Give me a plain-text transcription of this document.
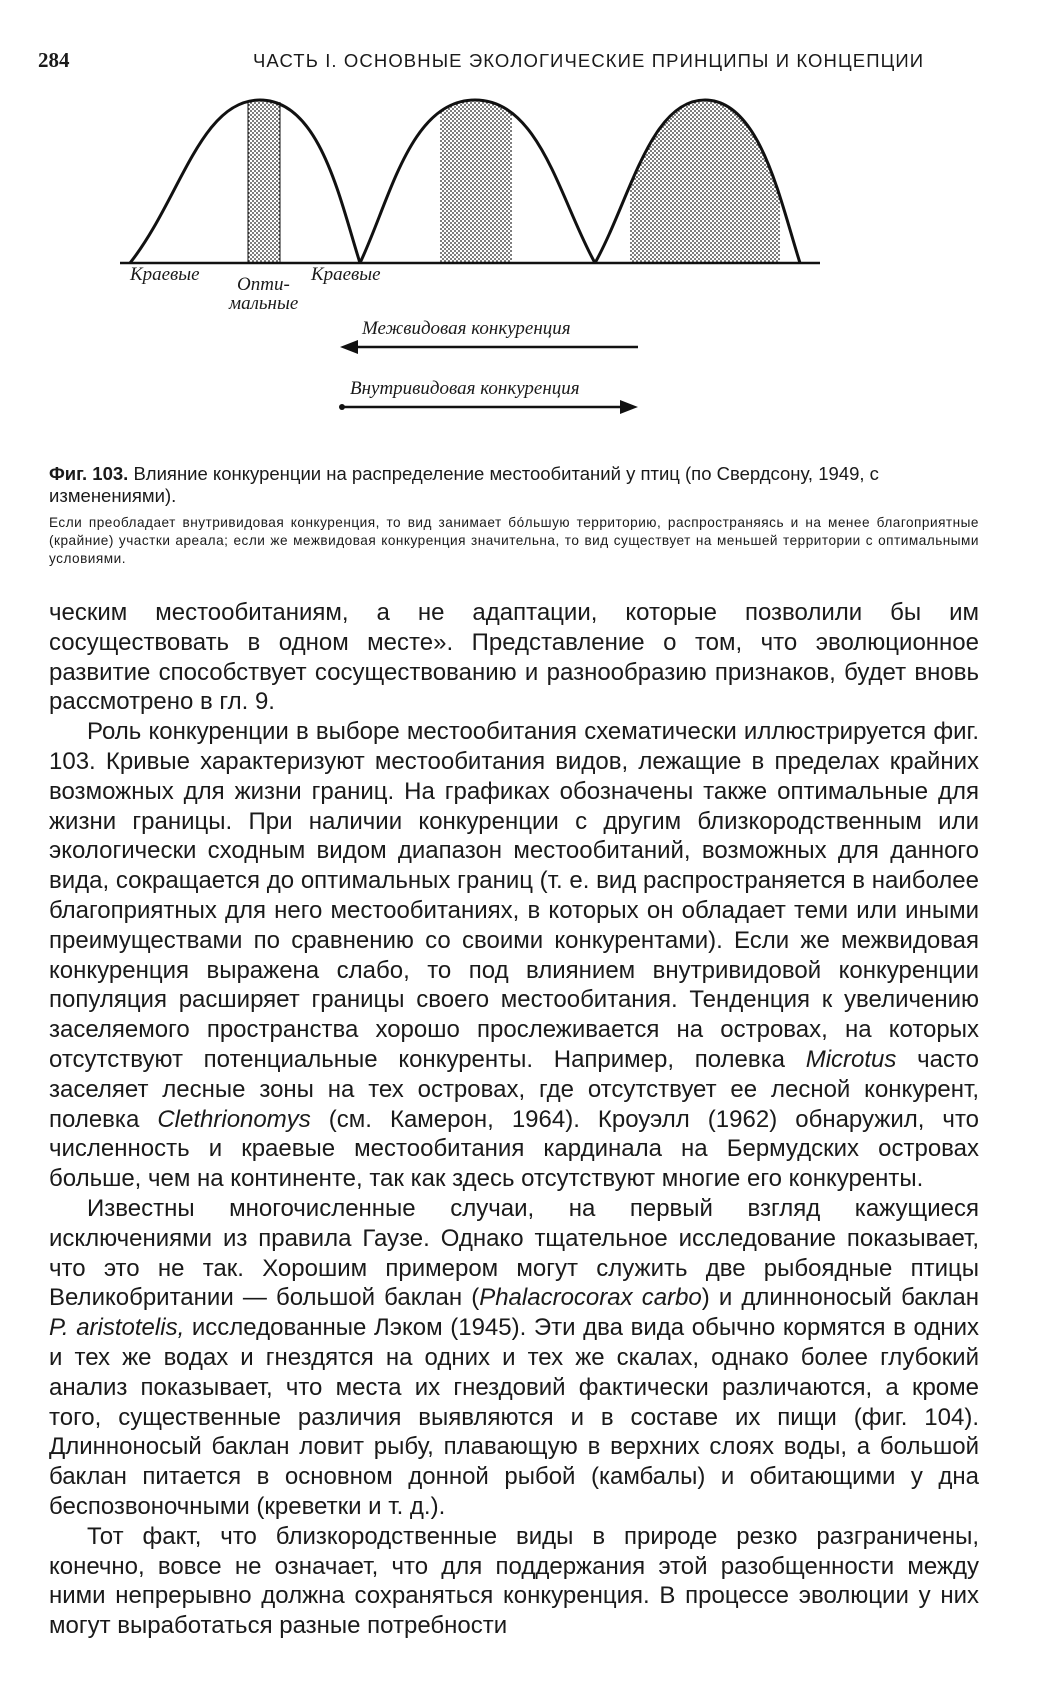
284	ЧАСТЬ I. ОСНОВНЫЕ ЭКОЛОГИЧЕСКИЕ ПРИНЦИПЫ И КОНЦЕПЦИИ
Краевые Опти-
мальные
Краевые
Межвидовая конкуренция
Внутривидовая конкуренция
Фиг. 103. Влияние конкуренции на распределение местообитаний у птиц (по Свердсону, 1949, с изменениями).
Если преобладает внутривидовая конкуренция, то вид занимает бóльшую территорию, распространяясь и на менее благоприятные (крайние) участки ареала; если же межвидовая конкуренция значительна, то вид существует на меньшей территории с оптимальными условиями.

ческим местообитаниям, а не адаптации, которые позволили бы им сосуществовать в одном месте». Представление о том, что эволюционное развитие способствует сосуществованию и разнообразию признаков, будет вновь рассмотрено в гл. 9.

Роль конкуренции в выборе местообитания схематически иллюстрируется фиг. 103. Кривые характеризуют местообитания видов, лежащие в пределах крайних возможных для жизни границ. На графиках обозначены также оптимальные для жизни границы. При наличии конкуренции с другим близкородственным или экологически сходным видом диапазон местообитаний, возможных для данного вида, сокращается до оптимальных границ (т. е. вид распространяется в наиболее благоприятных для него местообитаниях, в которых он обладает теми или иными преимуществами по сравнению со своими конкурентами). Если же межвидовая конкуренция выражена слабо, то под влиянием внутривидовой конкуренции популяция расширяет границы своего местообитания. Тенденция к увеличению заселяемого пространства хорошо прослеживается на островах, на которых отсутствуют потенциальные конкуренты. Например, полевка Microtus часто заселяет лесные зоны на тех островах, где отсутствует ее лесной конкурент, полевка Clethrionomys (см. Камерон, 1964). Кроуэлл (1962) обнаружил, что численность и краевые местообитания кардинала на Бермудских островах больше, чем на континенте, так как здесь отсутствуют многие его конкуренты.

Известны многочисленные случаи, на первый взгляд кажущиеся исключениями из правила Гаузе. Однако тщательное исследование показывает, что это не так. Хорошим примером могут служить две рыбоядные птицы Великобритании — большой баклан (Phalacrocorax carbo) и длинноносый баклан P. aristotelis, исследованные Лэком (1945). Эти два вида обычно кормятся в одних и тех же водах и гнездятся на одних и тех же скалах, однако более глубокий анализ показывает, что места их гнездовий фактически различаются, а кроме того, существенные различия выявляются и в составе их пищи (фиг. 104). Длинноносый баклан ловит рыбу, плавающую в верхних слоях воды, а большой баклан питается в основном донной рыбой (камбалы) и обитающими у дна беспозвоночными (креветки и т. д.).

Тот факт, что близкородственные виды в природе резко разграничены, конечно, вовсе не означает, что для поддержания этой разобщенности между ними непрерывно должна сохраняться конкуренция. В процессе эволюции у них могут выработаться разные потребности
